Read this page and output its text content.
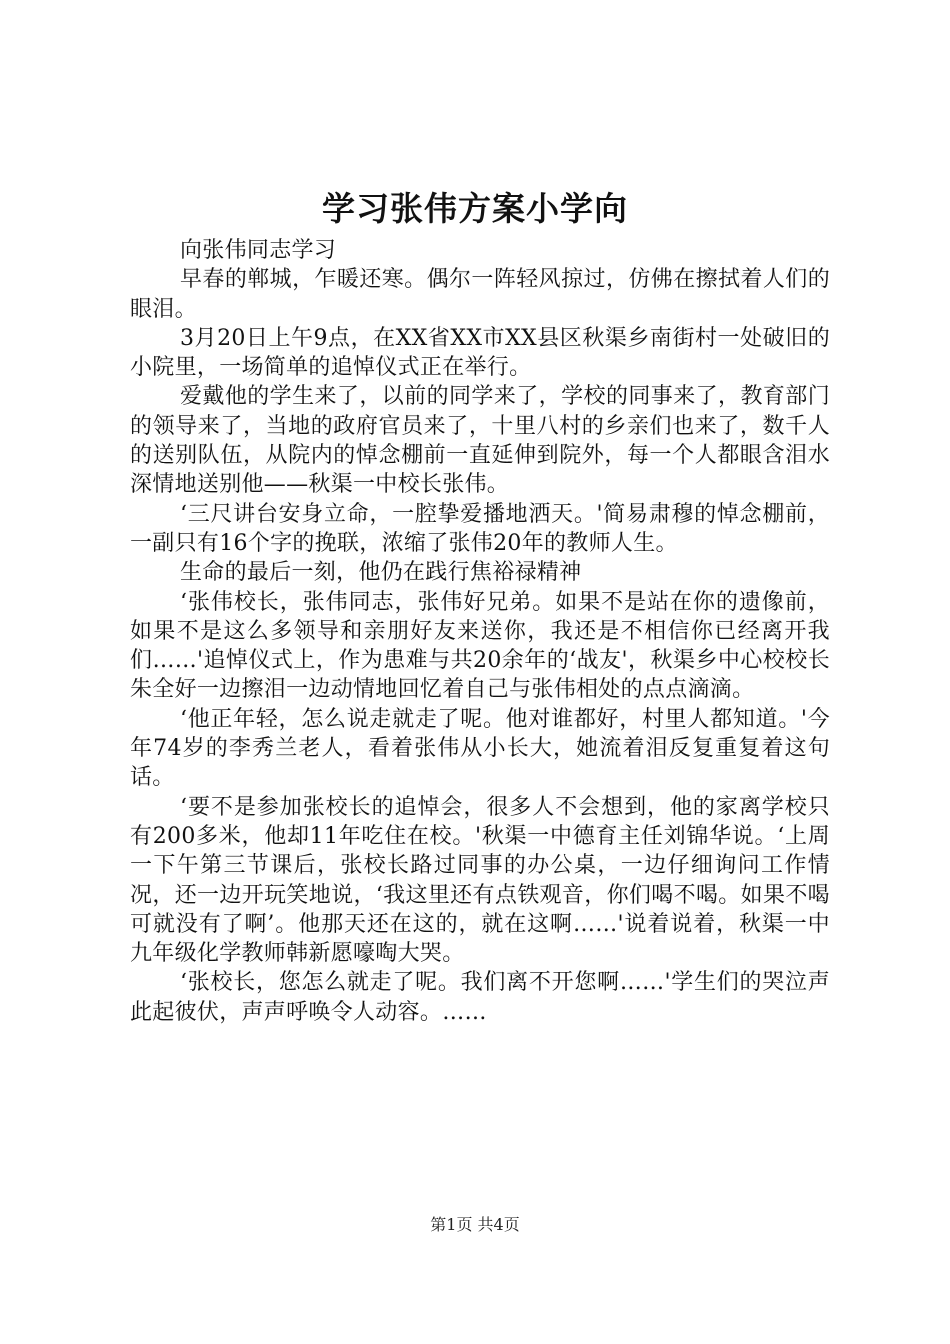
学习张伟方案小学向

向张伟同志学习

早春的郸城，乍暖还寒。偶尔一阵轻风掠过，仿佛在擦拭着人们的眼泪。

3月20日上午9点，在XX省XX市XX县区秋渠乡南街村一处破旧的小院里，一场简单的追悼仪式正在举行。

爱戴他的学生来了，以前的同学来了，学校的同事来了，教育部门的领导来了，当地的政府官员来了，十里八村的乡亲们也来了，数千人的送别队伍，从院内的悼念棚前一直延伸到院外，每一个人都眼含泪水深情地送别他——秋渠一中校长张伟。

‘三尺讲台安身立命，一腔挚爱播地洒天。'简易肃穆的悼念棚前，一副只有16个字的挽联，浓缩了张伟20年的教师人生。

生命的最后一刻，他仍在践行焦裕禄精神

‘张伟校长，张伟同志，张伟好兄弟。如果不是站在你的遗像前，如果不是这么多领导和亲朋好友来送你，我还是不相信你已经离开我们……'追悼仪式上，作为患难与共20余年的‘战友'，秋渠乡中心校校长朱全好一边擦泪一边动情地回忆着自己与张伟相处的点点滴滴。

‘他正年轻，怎么说走就走了呢。他对谁都好，村里人都知道。'今年74岁的李秀兰老人，看着张伟从小长大，她流着泪反复重复着这句话。

‘要不是参加张校长的追悼会，很多人不会想到，他的家离学校只有200多米，他却11年吃住在校。'秋渠一中德育主任刘锦华说。‘上周一下午第三节课后，张校长路过同事的办公桌，一边仔细询问工作情况，还一边开玩笑地说，‘我这里还有点铁观音，你们喝不喝。如果不喝可就没有了啊’。他那天还在这的，就在这啊……'说着说着，秋渠一中九年级化学教师韩新愿嚎啕大哭。

‘张校长，您怎么就走了呢。我们离不开您啊……'学生们的哭泣声此起彼伏，声声呼唤令人动容。……

第1页 共4页
